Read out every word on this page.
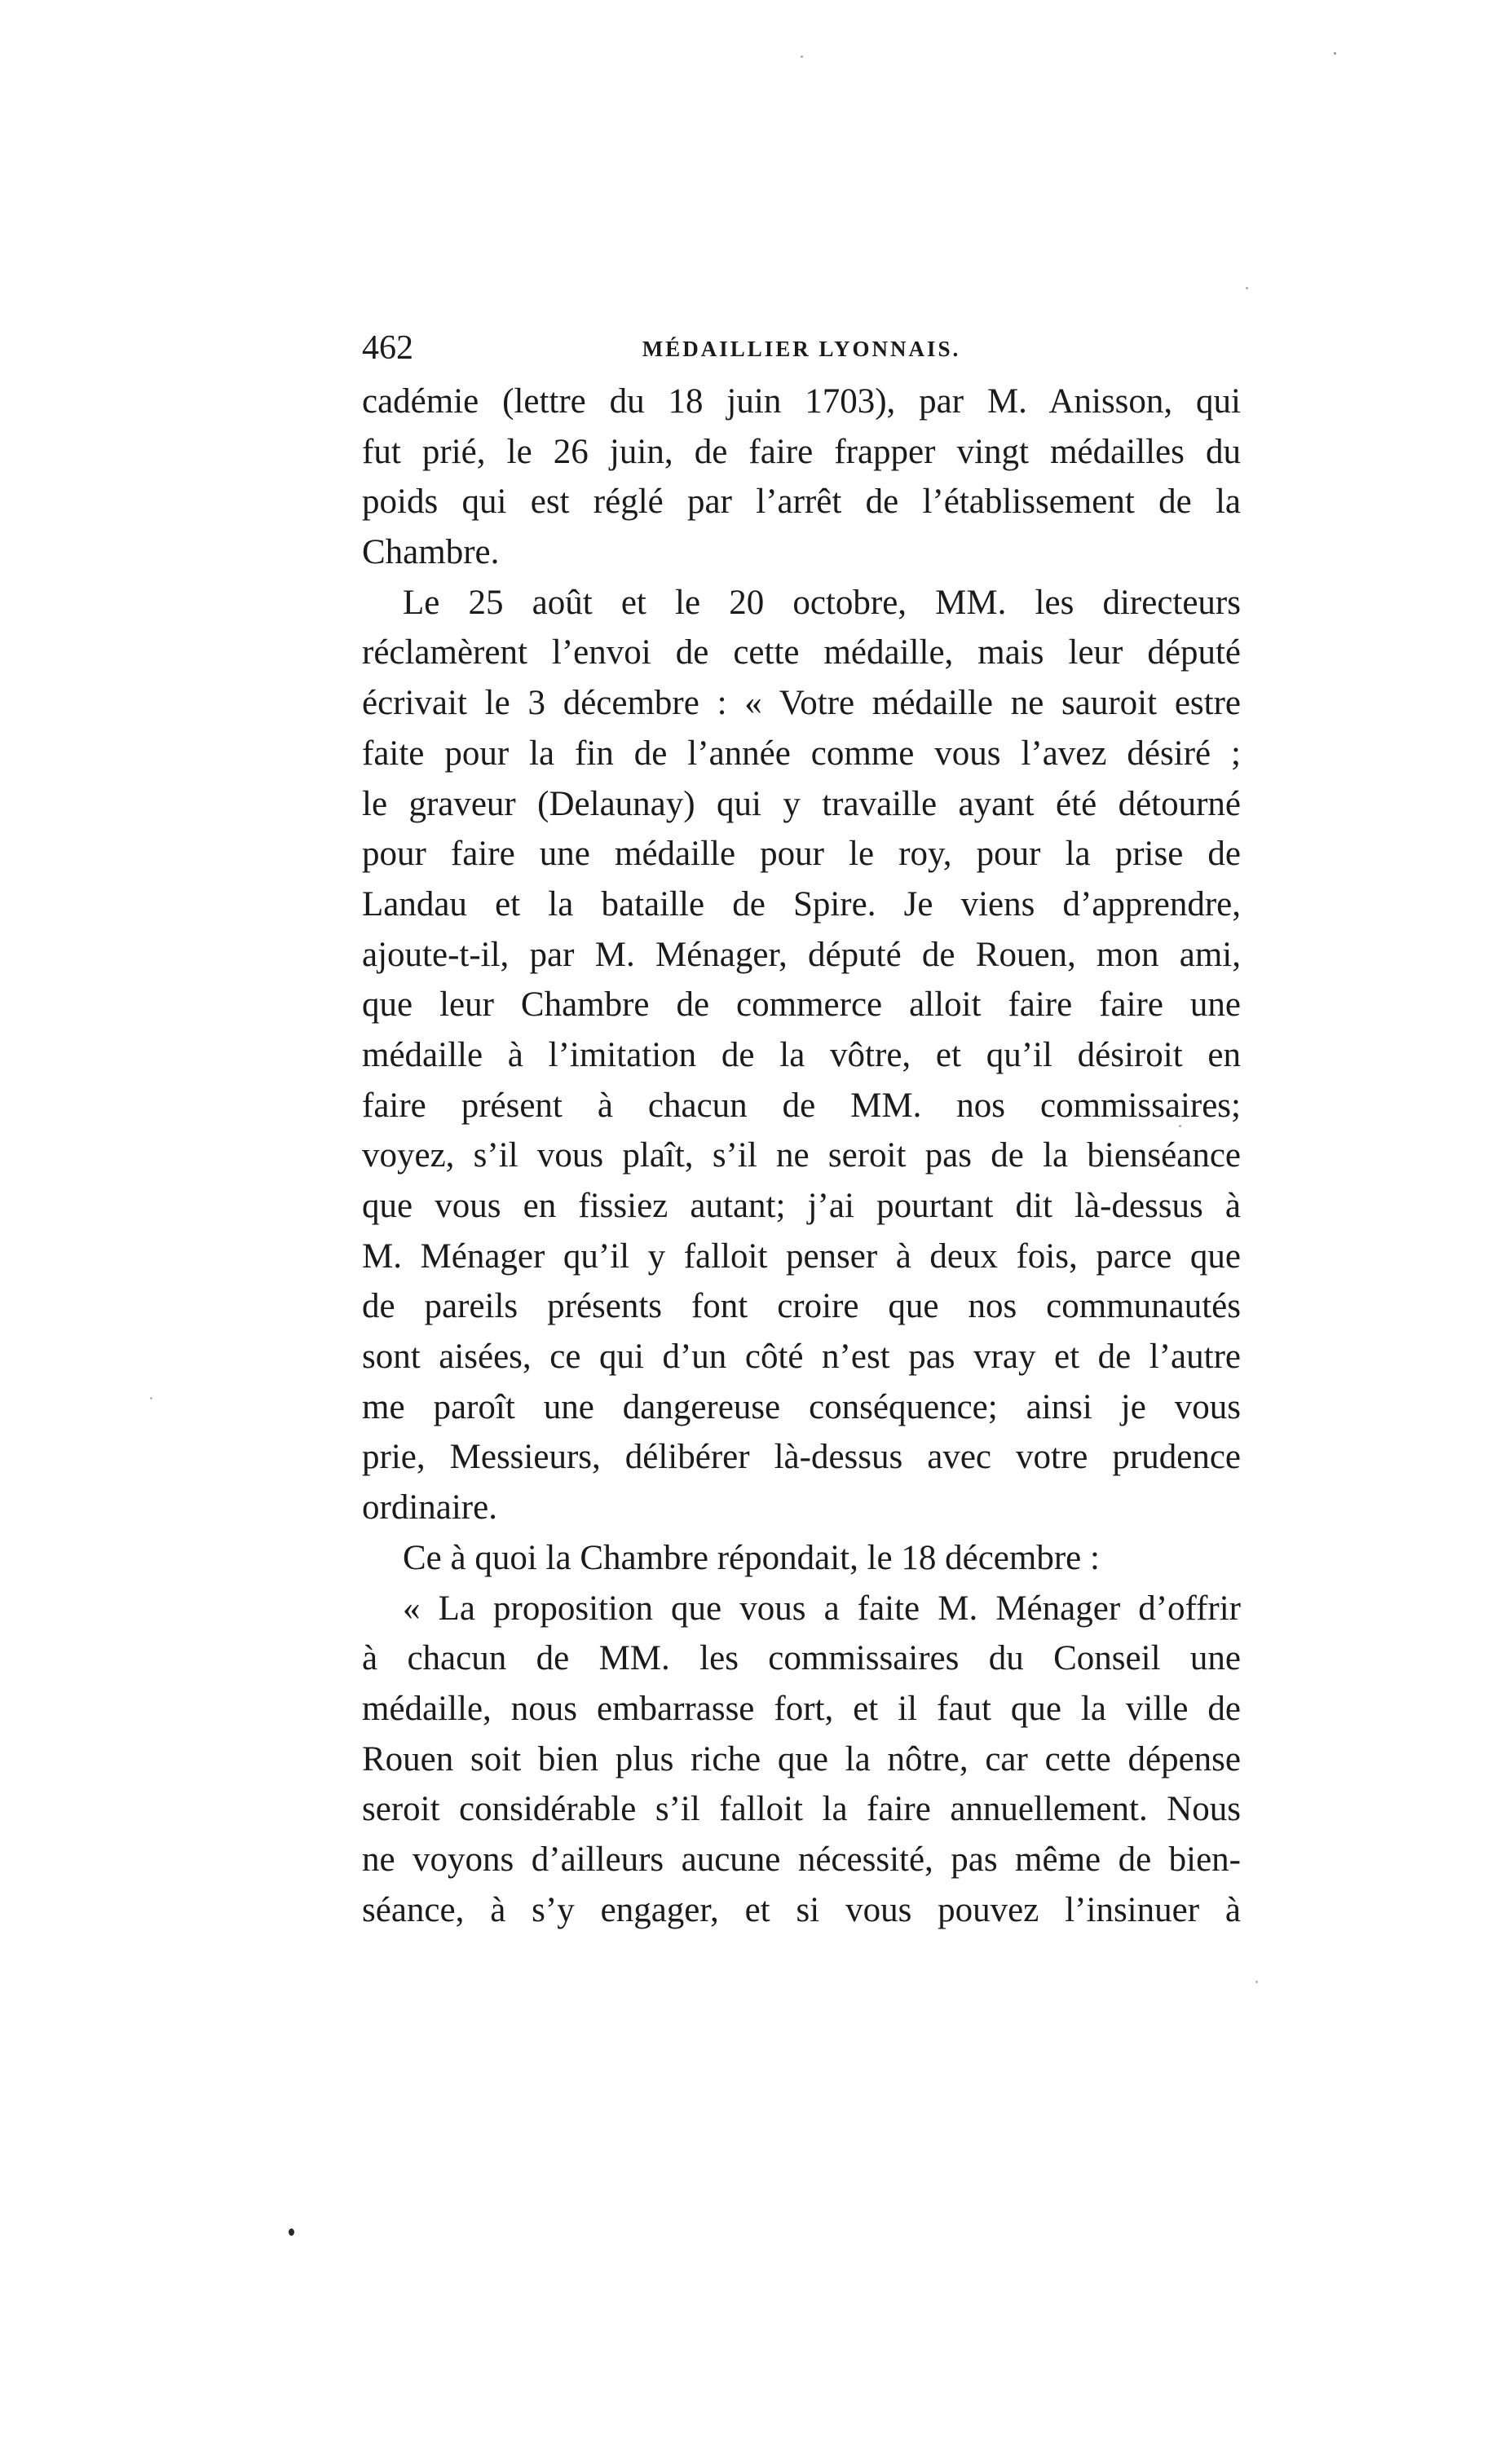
462	MÉDAILLIER LYONNAIS.
cadémie (lettre du 18 juin 1703), par M. Anisson, qui
fut prié, le 26 juin, de faire frapper vingt médailles du
poids qui est réglé par l’arrêt de l’établissement de la
Chambre.
Le 25 août et le 20 octobre, MM. les directeurs
réclamèrent l’envoi de cette médaille, mais leur député
écrivait le 3 décembre : « Votre médaille ne sauroit estre
faite pour la fin de l’année comme vous l’avez désiré ;
le graveur (Delaunay) qui y travaille ayant été détourné
pour faire une médaille pour le roy, pour la prise de
Landau et la bataille de Spire. Je viens d’apprendre,
ajoute-t-il, par M. Ménager, député de Rouen, mon ami,
que leur Chambre de commerce alloit faire faire une
médaille à l’imitation de la vôtre, et qu’il désiroit en
faire présent à chacun de MM. nos commissaires;
voyez, s’il vous plaît, s’il ne seroit pas de la bienséance
que vous en fissiez autant; j’ai pourtant dit là-dessus à
M. Ménager qu’il y falloit penser à deux fois, parce que
de pareils présents font croire que nos communautés
sont aisées, ce qui d’un côté n’est pas vray et de l’autre
me paroît une dangereuse conséquence; ainsi je vous
prie, Messieurs, délibérer là-dessus avec votre prudence
ordinaire.
Ce à quoi la Chambre répondait, le 18 décembre :
« La proposition que vous a faite M. Ménager d’offrir
à chacun de MM. les commissaires du Conseil une
médaille, nous embarrasse fort, et il faut que la ville de
Rouen soit bien plus riche que la nôtre, car cette dépense
seroit considérable s’il falloit la faire annuellement. Nous
ne voyons d’ailleurs aucune nécessité, pas même de bien-
séance, à s’y engager, et si vous pouvez l’insinuer à
